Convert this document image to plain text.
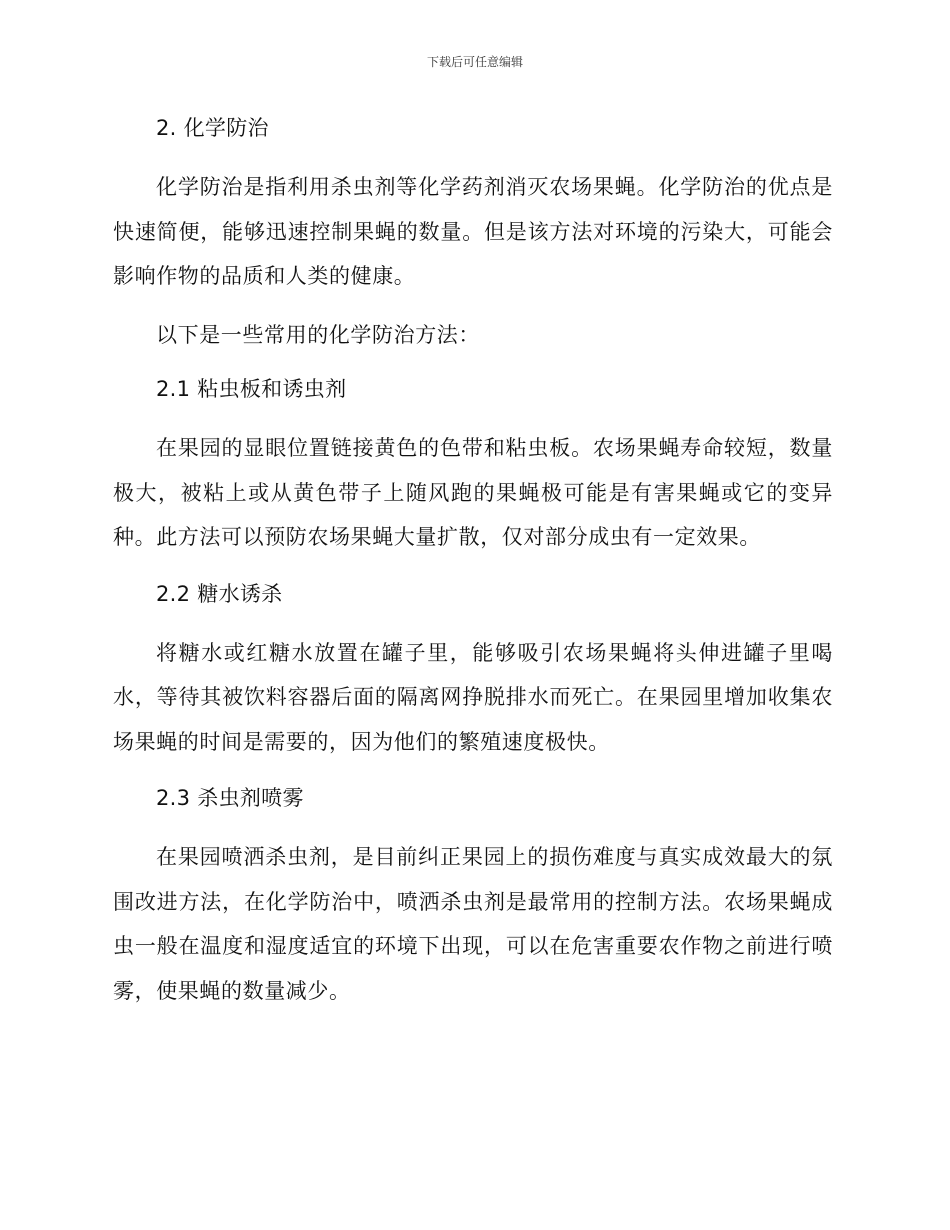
下载后可任意编辑
2. 化学防治

化学防治是指利用杀虫剂等化学药剂消灭农场果蝇。化学防治的优点是快速简便，能够迅速控制果蝇的数量。但是该方法对环境的污染大，可能会影响作物的品质和人类的健康。

以下是一些常用的化学防治方法：

2.1 粘虫板和诱虫剂

在果园的显眼位置链接黄色的色带和粘虫板。农场果蝇寿命较短，数量极大，被粘上或从黄色带子上随风跑的果蝇极可能是有害果蝇或它的变异种。此方法可以预防农场果蝇大量扩散，仅对部分成虫有一定效果。

2.2 糖水诱杀

将糖水或红糖水放置在罐子里，能够吸引农场果蝇将头伸进罐子里喝水，等待其被饮料容器后面的隔离网挣脱排水而死亡。在果园里增加收集农场果蝇的时间是需要的，因为他们的繁殖速度极快。

2.3 杀虫剂喷雾

在果园喷洒杀虫剂，是目前纠正果园上的损伤难度与真实成效最大的氛围改进方法，在化学防治中，喷洒杀虫剂是最常用的控制方法。农场果蝇成虫一般在温度和湿度适宜的环境下出现，可以在危害重要农作物之前进行喷雾，使果蝇的数量减少。
